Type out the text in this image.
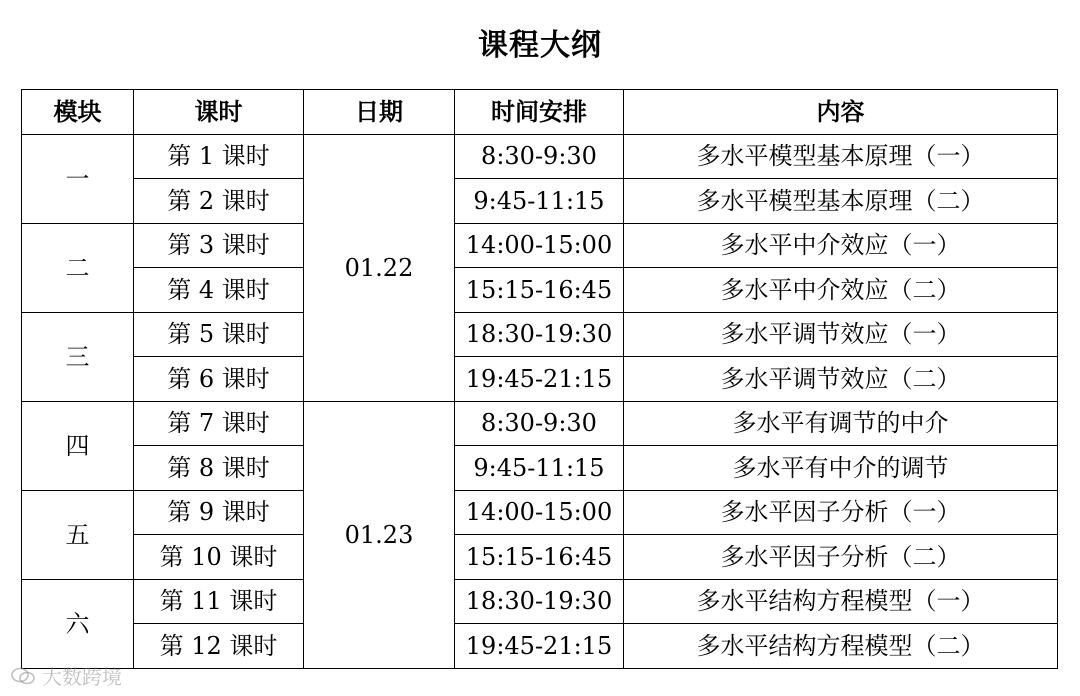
课程大纲
模块	课时	日期	时间安排	内容
一	第 1 课时	01.22	8:30-9:30	多水平模型基本原理（一）
	第 2 课时		9:45-11:15	多水平模型基本原理（二）
二	第 3 课时		14:00-15:00	多水平中介效应（一）
	第 4 课时		15:15-16:45	多水平中介效应（二）
三	第 5 课时		18:30-19:30	多水平调节效应（一）
	第 6 课时		19:45-21:15	多水平调节效应（二）
四	第 7 课时	01.23	8:30-9:30	多水平有调节的中介
	第 8 课时		9:45-11:15	多水平有中介的调节
五	第 9 课时		14:00-15:00	多水平因子分析（一）
	第 10 课时		15:15-16:45	多水平因子分析（二）
六	第 11 课时		18:30-19:30	多水平结构方程模型（一）
	第 12 课时		19:45-21:15	多水平结构方程模型（二）
大数跨境
